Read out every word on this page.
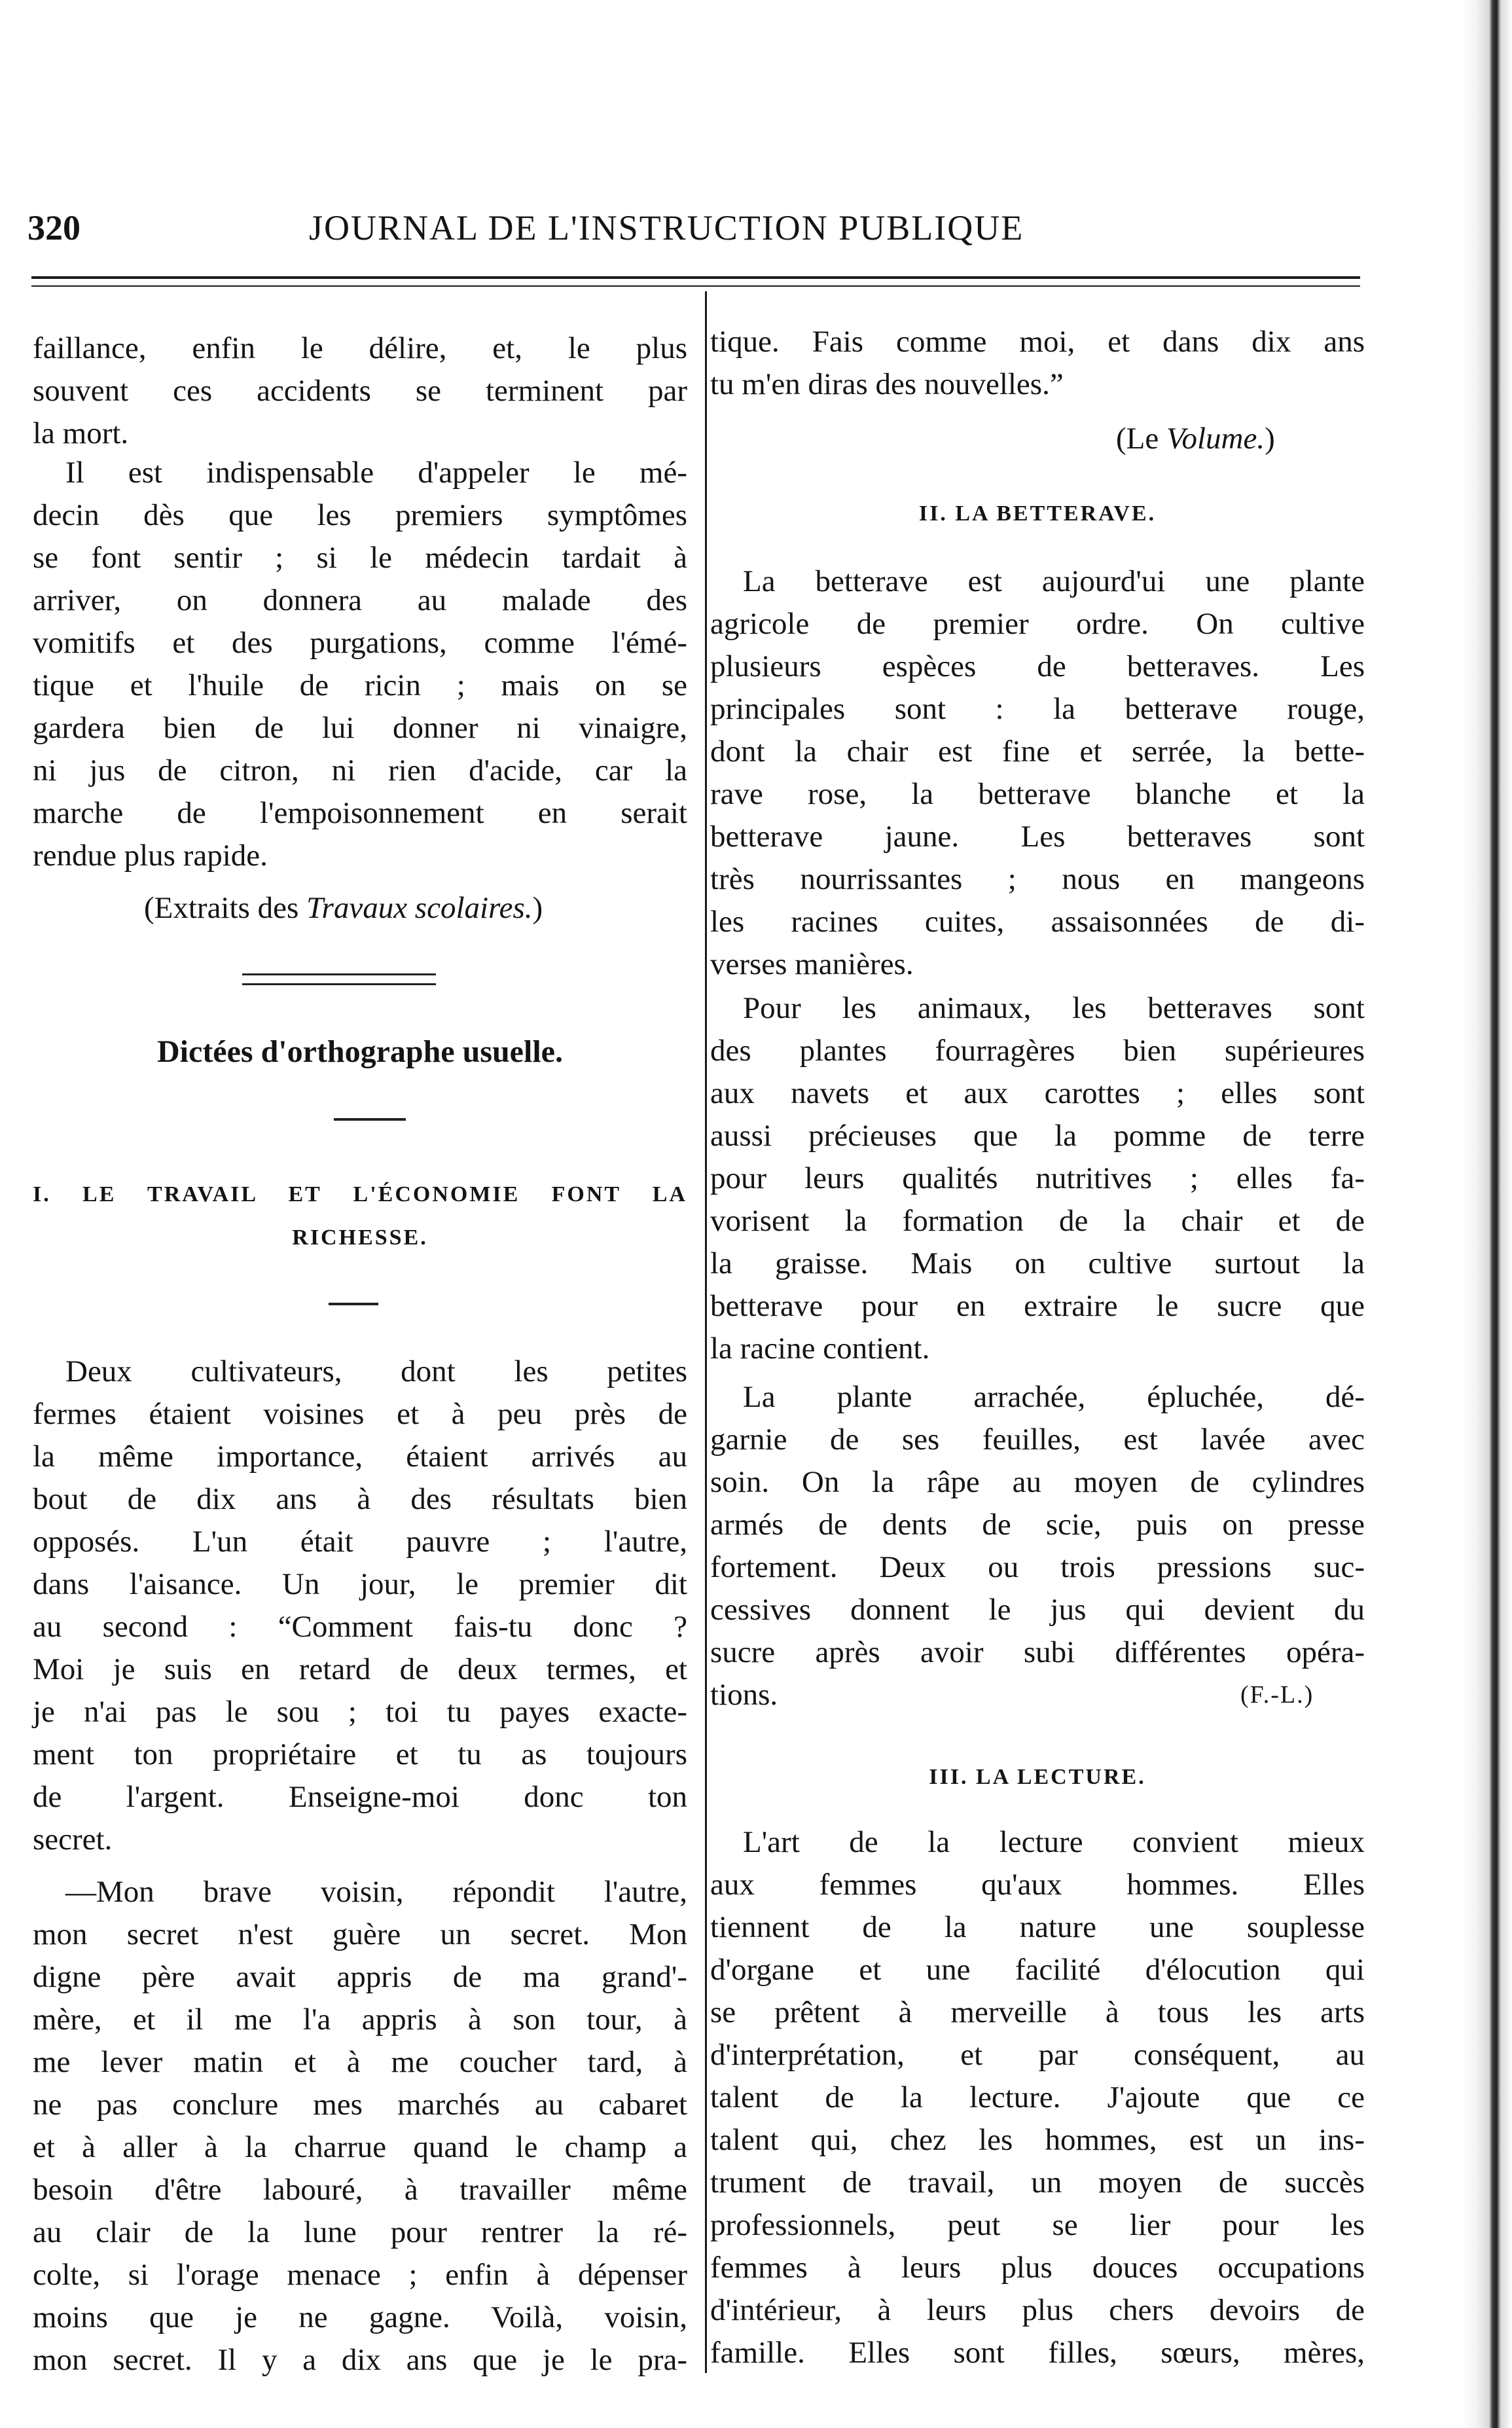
320	JOURNAL DE L'INSTRUCTION PUBLIQUE
faillance, enfin le délire, et, le plus
souvent ces accidents se terminent par
la mort.
Il est indispensable d'appeler le mé-
decin dès que les premiers symptômes
se font sentir ; si le médecin tardait à
arriver, on donnera au malade des
vomitifs et des purgations, comme l'émé-
tique et l'huile de ricin ; mais on se
gardera bien de lui donner ni vinaigre,
ni jus de citron, ni rien d'acide, car la
marche de l'empoisonnement en serait
rendue plus rapide.
(Extraits des Travaux scolaires.)
Dictées d'orthographe usuelle.
I. LE TRAVAIL ET L'ÉCONOMIE FONT LA
RICHESSE.
Deux cultivateurs, dont les petites
fermes étaient voisines et à peu près de
la même importance, étaient arrivés au
bout de dix ans à des résultats bien
opposés. L'un était pauvre ; l'autre,
dans l'aisance. Un jour, le premier dit
au second : “Comment fais-tu donc ?
Moi je suis en retard de deux termes, et
je n'ai pas le sou ; toi tu payes exacte-
ment ton propriétaire et tu as toujours
de l'argent. Enseigne-moi donc ton
secret.
—Mon brave voisin, répondit l'autre,
mon secret n'est guère un secret. Mon
digne père avait appris de ma grand'-
mère, et il me l'a appris à son tour, à
me lever matin et à me coucher tard, à
ne pas conclure mes marchés au cabaret
et à aller à la charrue quand le champ a
besoin d'être labouré, à travailler même
au clair de la lune pour rentrer la ré-
colte, si l'orage menace ; enfin à dépenser
moins que je ne gagne. Voilà, voisin,
mon secret. Il y a dix ans que je le pra-
tique. Fais comme moi, et dans dix ans
tu m'en diras des nouvelles.”
(Le Volume.)
II. LA BETTERAVE.
La betterave est aujourd'ui une plante
agricole de premier ordre. On cultive
plusieurs espèces de betteraves. Les
principales sont : la betterave rouge,
dont la chair est fine et serrée, la bette-
rave rose, la betterave blanche et la
betterave jaune. Les betteraves sont
très nourrissantes ; nous en mangeons
les racines cuites, assaisonnées de di-
verses manières.
Pour les animaux, les betteraves sont
des plantes fourragères bien supérieures
aux navets et aux carottes ; elles sont
aussi précieuses que la pomme de terre
pour leurs qualités nutritives ; elles fa-
vorisent la formation de la chair et de
la graisse. Mais on cultive surtout la
betterave pour en extraire le sucre que
la racine contient.
La plante arrachée, épluchée, dé-
garnie de ses feuilles, est lavée avec
soin. On la râpe au moyen de cylindres
armés de dents de scie, puis on presse
fortement. Deux ou trois pressions suc-
cessives donnent le jus qui devient du
sucre après avoir subi différentes opéra-
tions.	(F.-L.)
III. LA LECTURE.
L'art de la lecture convient mieux
aux femmes qu'aux hommes. Elles
tiennent de la nature une souplesse
d'organe et une facilité d'élocution qui
se prêtent à merveille à tous les arts
d'interprétation, et par conséquent, au
talent de la lecture. J'ajoute que ce
talent qui, chez les hommes, est un ins-
trument de travail, un moyen de succès
professionnels, peut se lier pour les
femmes à leurs plus douces occupations
d'intérieur, à leurs plus chers devoirs de
famille. Elles sont filles, sœurs, mères,
